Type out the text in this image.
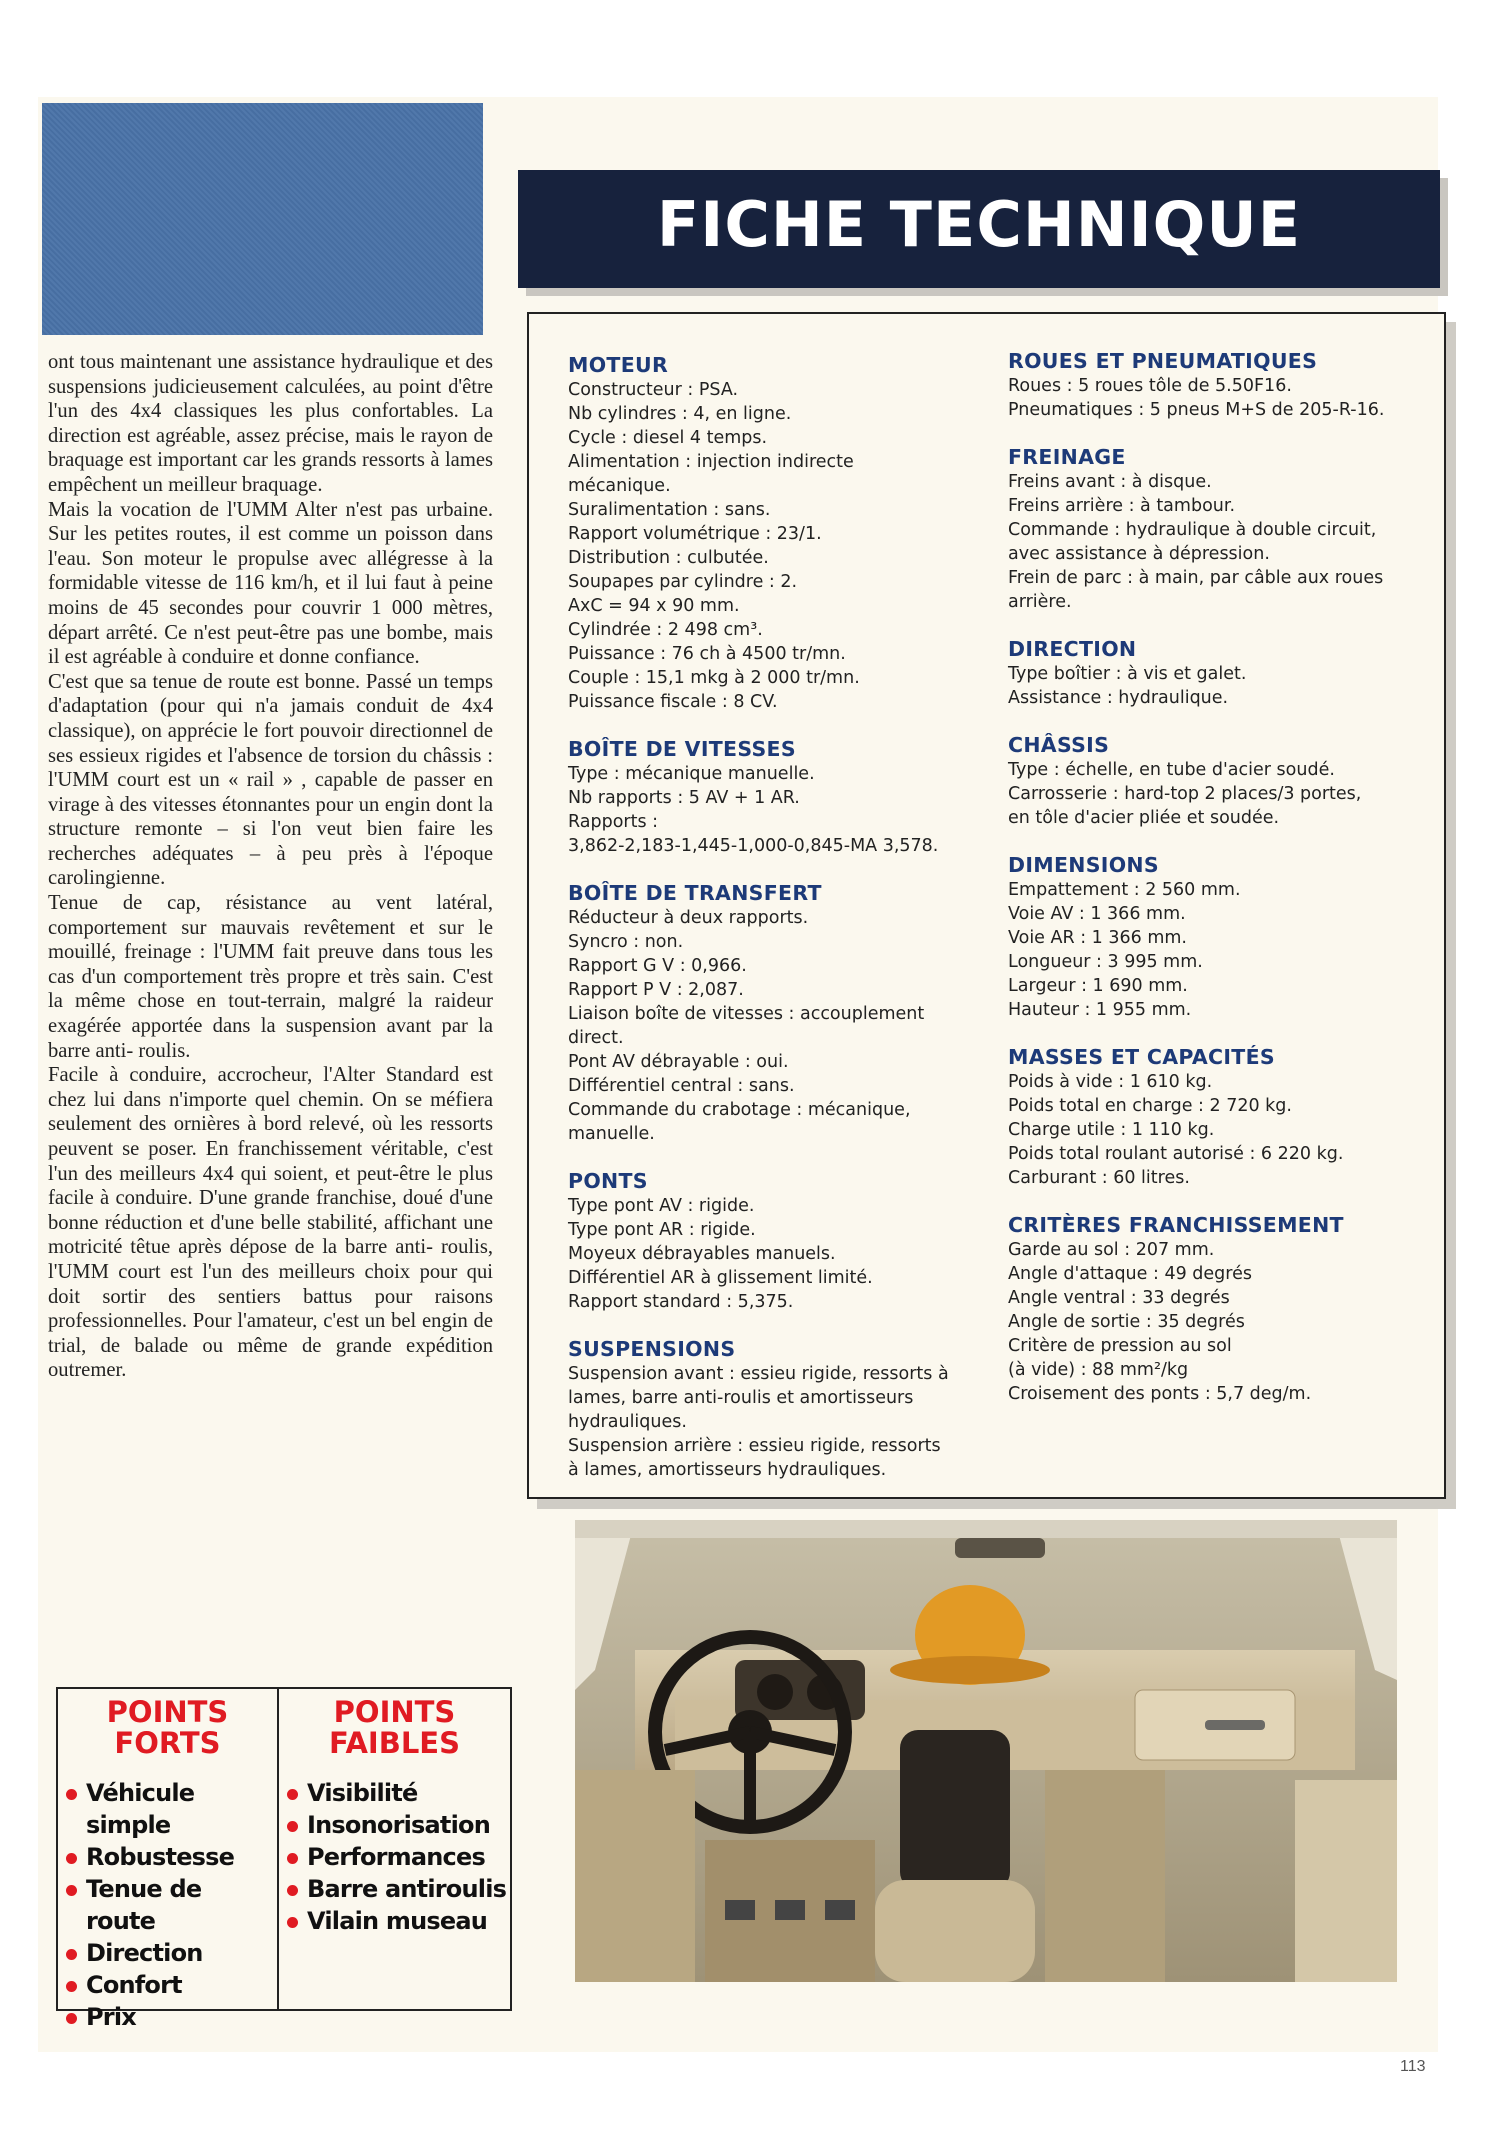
FICHE TECHNIQUE

ont tous maintenant une assistance hydraulique et des suspensions judicieusement calculées, au point d'être l'un des 4x4 classiques les plus confortables. La direction est agréable, assez précise, mais le rayon de braquage est important car les grands ressorts à lames empêchent un meilleur braquage.

Mais la vocation de l'UMM Alter n'est pas urbaine. Sur les petites routes, il est comme un poisson dans l'eau. Son moteur le propulse avec allégresse à la formidable vitesse de 116 km/h, et il lui faut à peine moins de 45 secondes pour couvrir 1 000 mètres, départ arrêté. Ce n'est peut-être pas une bombe, mais il est agréable à conduire et donne confiance.

C'est que sa tenue de route est bonne. Passé un temps d'adaptation (pour qui n'a jamais conduit de 4x4 classique), on apprécie le fort pouvoir directionnel de ses essieux rigides et l'absence de torsion du châssis : l'UMM court est un « rail » , capable de passer en virage à des vitesses étonnantes pour un engin dont la structure remonte – si l'on veut bien faire les recherches adéquates – à peu près à l'époque carolingienne.

Tenue de cap, résistance au vent latéral, comportement sur mauvais revêtement et sur le mouillé, freinage : l'UMM fait preuve dans tous les cas d'un comportement très propre et très sain. C'est la même chose en tout-terrain, malgré la raideur exagérée apportée dans la suspension avant par la barre anti- roulis.

Facile à conduire, accrocheur, l'Alter Standard est chez lui dans n'importe quel chemin. On se méfiera seulement des ornières à bord relevé, où les ressorts peuvent se poser. En franchissement véritable, c'est l'un des meilleurs 4x4 qui soient, et peut-être le plus facile à conduire. D'une grande franchise, doué d'une bonne réduction et d'une belle stabilité, affichant une motricité têtue après dépose de la barre anti- roulis, l'UMM court est l'un des meilleurs choix pour qui doit sortir des sentiers battus pour raisons professionnelles. Pour l'amateur, c'est un bel engin de trial, de balade ou même de grande expédition outremer.

MOTEUR
Constructeur : PSA.
Nb cylindres : 4, en ligne.
Cycle : diesel 4 temps.
Alimentation : injection indirecte
mécanique.
Suralimentation : sans.
Rapport volumétrique : 23/1.
Distribution : culbutée.
Soupapes par cylindre : 2.
AxC = 94 x 90 mm.
Cylindrée : 2 498 cm³.
Puissance : 76 ch à 4500 tr/mn.
Couple : 15,1 mkg à 2 000 tr/mn.
Puissance fiscale : 8 CV.
BOÎTE DE VITESSES
Type : mécanique manuelle.
Nb rapports : 5 AV + 1 AR.
Rapports :
3,862-2,183-1,445-1,000-0,845-MA 3,578.
BOÎTE DE TRANSFERT
Réducteur à deux rapports.
Syncro : non.
Rapport G V : 0,966.
Rapport P V : 2,087.
Liaison boîte de vitesses : accouplement
direct.
Pont AV débrayable : oui.
Différentiel central : sans.
Commande du crabotage : mécanique,
manuelle.
PONTS
Type pont AV : rigide.
Type pont AR : rigide.
Moyeux débrayables manuels.
Différentiel AR à glissement limité.
Rapport standard : 5,375.
SUSPENSIONS
Suspension avant : essieu rigide, ressorts à
lames, barre anti-roulis et amortisseurs
hydrauliques.
Suspension arrière : essieu rigide, ressorts
à lames, amortisseurs hydrauliques.
ROUES ET PNEUMATIQUES
Roues : 5 roues tôle de 5.50F16.
Pneumatiques : 5 pneus M+S de 205-R-16.
FREINAGE
Freins avant : à disque.
Freins arrière : à tambour.
Commande : hydraulique à double circuit,
avec assistance à dépression.
Frein de parc : à main, par câble aux roues
arrière.
DIRECTION
Type boîtier : à vis et galet.
Assistance : hydraulique.
CHÂSSIS
Type : échelle, en tube d'acier soudé.
Carrosserie : hard-top 2 places/3 portes,
en tôle d'acier pliée et soudée.
DIMENSIONS
Empattement : 2 560 mm.
Voie AV : 1 366 mm.
Voie AR : 1 366 mm.
Longueur : 3 995 mm.
Largeur : 1 690 mm.
Hauteur : 1 955 mm.
MASSES ET CAPACITÉS
Poids à vide : 1 610 kg.
Poids total en charge : 2 720 kg.
Charge utile : 1 110 kg.
Poids total roulant autorisé : 6 220 kg.
Carburant : 60 litres.
CRITÈRES FRANCHISSEMENT
Garde au sol : 207 mm.
Angle d'attaque : 49 degrés
Angle ventral : 33 degrés
Angle de sortie : 35 degrés
Critère de pression au sol
(à vide) : 88 mm²/kg
Croisement des ponts : 5,7 deg/m.
POINTS FORTS
Véhicule simple
Robustesse
Tenue de route
Direction
Confort
Prix
POINTS FAIBLES
Visibilité
Insonorisation
Performances
Barre antiroulis
Vilain museau
113
